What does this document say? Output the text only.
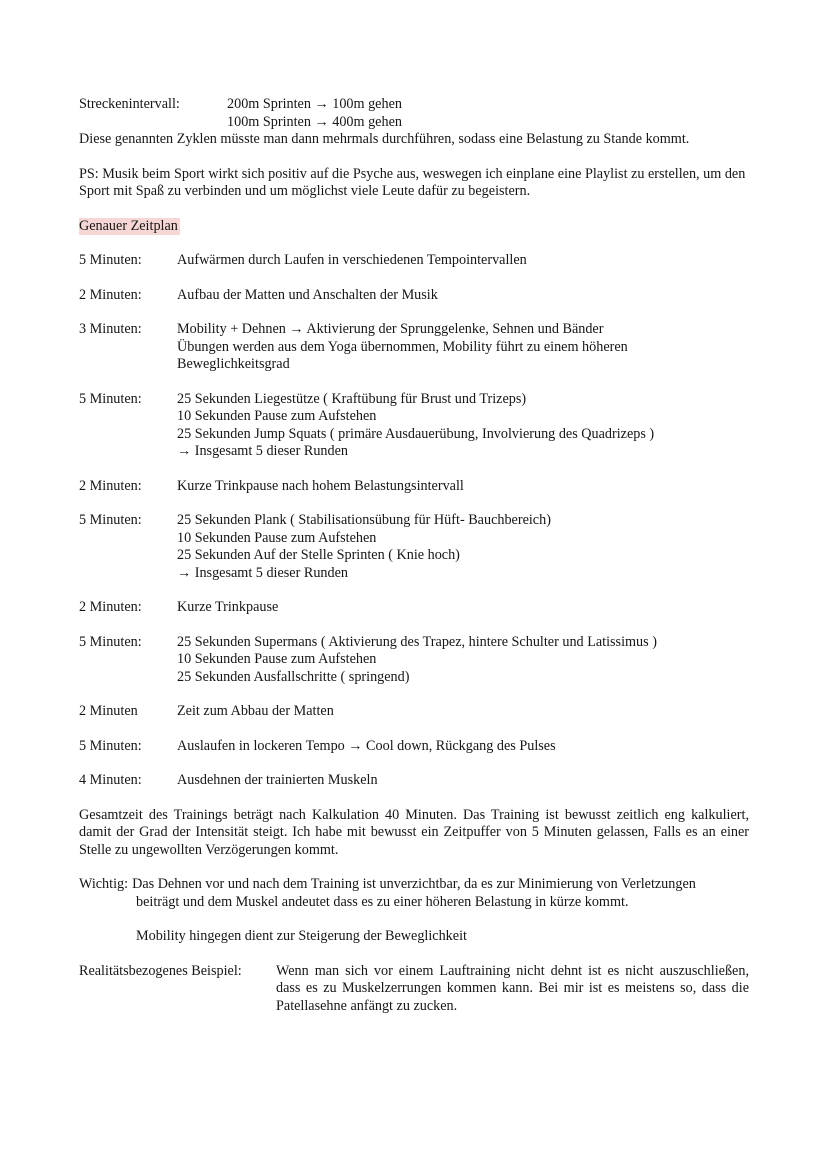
Streckenintervall:	200m Sprinten → 100m gehen
100m Sprinten → 400m gehen
Diese genannten Zyklen müsste man dann mehrmals durchführen, sodass eine Belastung zu Stande kommt.
PS: Musik beim Sport wirkt sich positiv auf die Psyche aus, weswegen ich einplane eine Playlist zu erstellen, um den Sport mit Spaß zu verbinden und um möglichst viele Leute dafür zu begeistern.
Genauer Zeitplan
5 Minuten:	Aufwärmen durch Laufen in verschiedenen Tempointervallen
2 Minuten:	Aufbau der Matten und Anschalten der Musik
3 Minuten:	Mobility + Dehnen → Aktivierung der Sprunggelenke, Sehnen und Bänder
Übungen werden aus dem Yoga übernommen, Mobility führt zu einem höheren
Beweglichkeitsgrad
5 Minuten:	25 Sekunden Liegestütze ( Kraftübung für Brust und Trizeps)
10 Sekunden Pause zum Aufstehen
25 Sekunden Jump Squats ( primäre Ausdauerübung, Involvierung des Quadrizeps )
→ Insgesamt 5 dieser Runden
2 Minuten:	Kurze Trinkpause nach hohem Belastungsintervall
5 Minuten:	25 Sekunden Plank ( Stabilisationsübung für Hüft- Bauchbereich)
10 Sekunden Pause zum Aufstehen
25 Sekunden Auf der Stelle Sprinten ( Knie hoch)
→ Insgesamt 5 dieser Runden
2 Minuten:	Kurze Trinkpause
5 Minuten:	25 Sekunden Supermans ( Aktivierung des Trapez, hintere Schulter und Latissimus )
10 Sekunden Pause zum Aufstehen
25 Sekunden Ausfallschritte ( springend)
2 Minuten	Zeit zum Abbau der Matten
5 Minuten:	Auslaufen in lockeren Tempo → Cool down, Rückgang des Pulses
4 Minuten:	Ausdehnen der trainierten Muskeln
Gesamtzeit des Trainings beträgt nach Kalkulation 40 Minuten. Das Training ist bewusst zeitlich eng kalkuliert, damit der Grad der Intensität steigt. Ich habe mit bewusst ein Zeitpuffer von 5 Minuten gelassen, Falls es an einer Stelle zu ungewollten Verzögerungen kommt.
Wichtig: Das Dehnen vor und nach dem Training ist unverzichtbar, da es zur Minimierung von Verletzungen
beiträgt und dem Muskel andeutet dass es zu einer höheren Belastung in kürze kommt.
Mobility hingegen dient zur Steigerung der Beweglichkeit
Realitätsbezogenes Beispiel:	Wenn man sich vor einem Lauftraining nicht dehnt ist es nicht auszuschließen, dass es zu Muskelzerrungen kommen kann. Bei mir ist es meistens so, dass die Patellasehne anfängt zu zucken.
